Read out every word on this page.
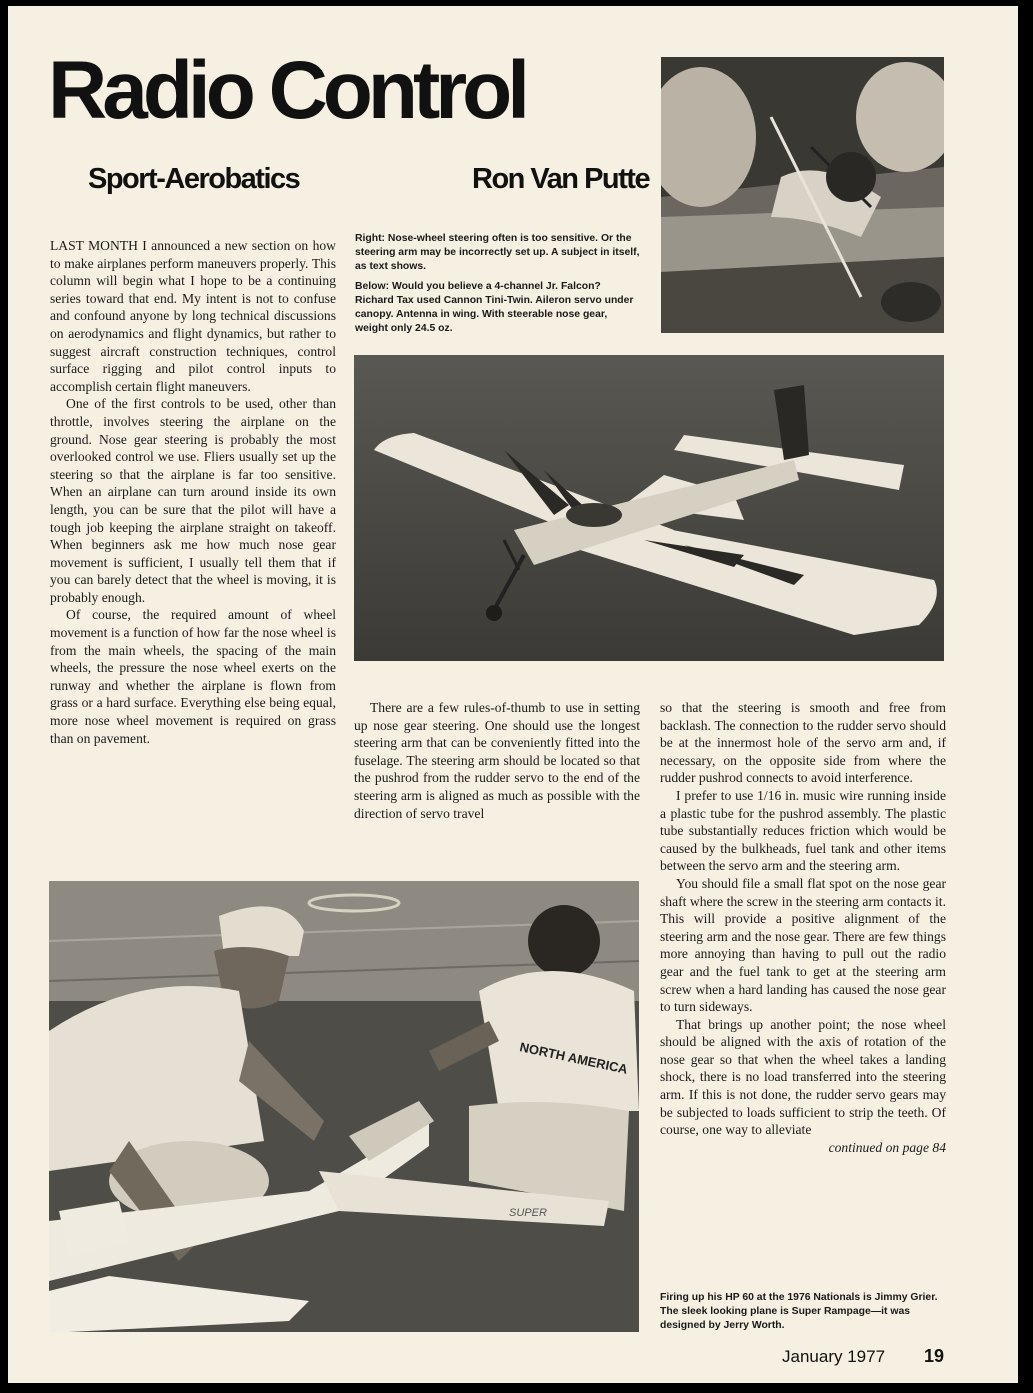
Radio Control
Sport-Aerobatics	Ron Van Putte

Right: Nose-wheel steering often is too sensitive. Or the steering arm may be incorrectly set up. A subject in itself, as text shows.

Below: Would you believe a 4-channel Jr. Falcon? Richard Tax used Cannon Tini-Twin. Aileron servo under canopy. Antenna in wing. With steerable nose gear, weight only 24.5 oz.

LAST MONTH I announced a new section on how to make airplanes perform maneuvers properly. This column will begin what I hope to be a continuing series toward that end. My intent is not to confuse and confound anyone by long technical discussions on aerodynamics and flight dynamics, but rather to suggest aircraft construction techniques, control surface rigging and pilot control inputs to accomplish certain flight maneuvers.

One of the first controls to be used, other than throttle, involves steering the airplane on the ground. Nose gear steering is probably the most overlooked control we use. Fliers usually set up the steering so that the airplane is far too sensitive. When an airplane can turn around inside its own length, you can be sure that the pilot will have a tough job keeping the airplane straight on takeoff. When beginners ask me how much nose gear movement is sufficient, I usually tell them that if you can barely detect that the wheel is moving, it is probably enough.

Of course, the required amount of wheel movement is a function of how far the nose wheel is from the main wheels, the spacing of the main wheels, the pressure the nose wheel exerts on the runway and whether the airplane is flown from grass or a hard surface. Everything else being equal, more nose wheel movement is required on grass than on pavement.

There are a few rules-of-thumb to use in setting up nose gear steering. One should use the longest steering arm that can be conveniently fitted into the fuselage. The steering arm should be located so that the pushrod from the rudder servo to the end of the steering arm is aligned as much as possible with the direction of servo travel

so that the steering is smooth and free from backlash. The connection to the rudder servo should be at the innermost hole of the servo arm and, if necessary, on the opposite side from where the rudder pushrod connects to avoid interference.

I prefer to use 1/16 in. music wire running inside a plastic tube for the pushrod assembly. The plastic tube substantially reduces friction which would be caused by the bulkheads, fuel tank and other items between the servo arm and the steering arm.

You should file a small flat spot on the nose gear shaft where the screw in the steering arm contacts it. This will provide a positive alignment of the steering arm and the nose gear. There are few things more annoying than having to pull out the radio gear and the fuel tank to get at the steering arm screw when a hard landing has caused the nose gear to turn sideways.

That brings up another point; the nose wheel should be aligned with the axis of rotation of the nose gear so that when the wheel takes a landing shock, there is no load transferred into the steering arm. If this is not done, the rudder servo gears may be subjected to loads sufficient to strip the teeth. Of course, one way to alleviate

continued on page 84

NORTH AMERICA
SUPER

Firing up his HP 60 at the 1976 Nationals is Jimmy Grier. The sleek looking plane is Super Rampage—it was designed by Jerry Worth.

January 1977 19
